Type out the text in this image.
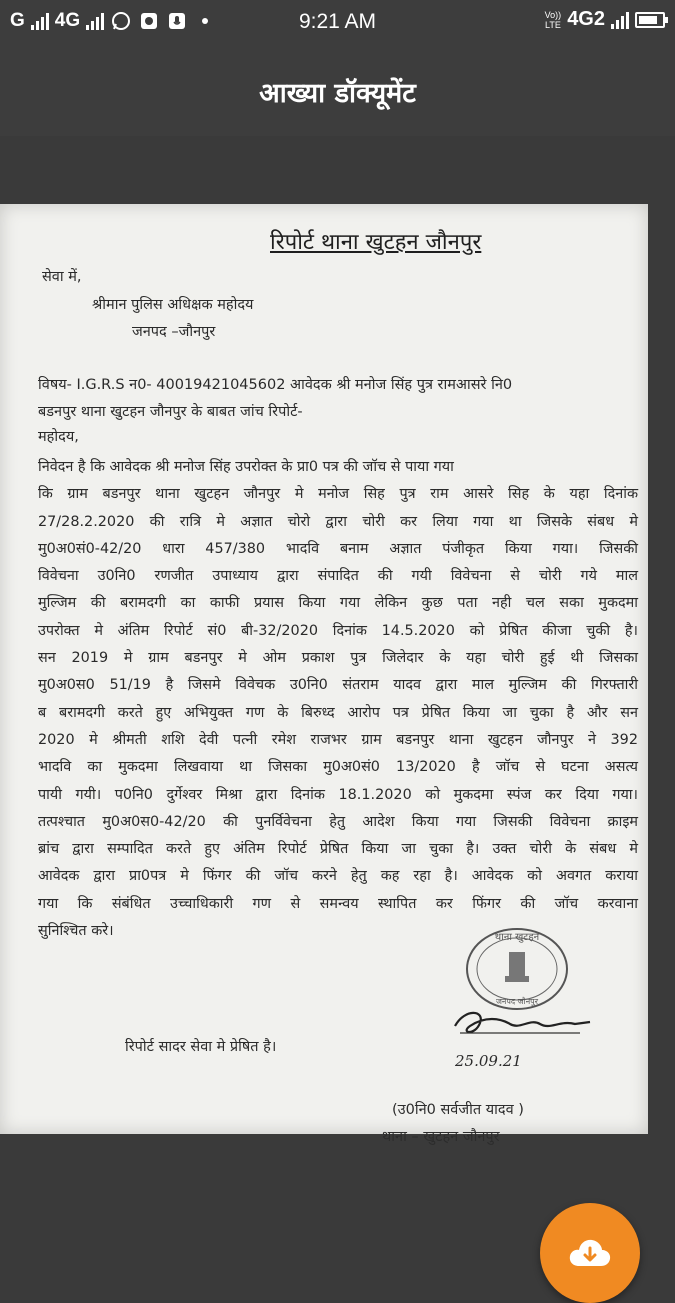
G 4G	9:21 AM	Vo))
LTE 4G2
आख्या डॉक्यूमेंट
रिपोर्ट थाना खुटहन जौनपुर
सेवा में,
श्रीमान पुलिस अधिक्षक महोदय
जनपद –जौनपुर
विषय- I.G.R.S न0- 40019421045602 आवेदक श्री मनोज सिंह पुत्र रामआसरे नि0
बडनपुर थाना खुटहन जौनपुर के बाबत जांच रिपोर्ट-
महोदय,
निवेदन है कि आवेदक श्री मनोज सिंह उपरोक्त के प्रा0 पत्र की जॉच से पाया गया
कि ग्राम बडनपुर थाना खुटहन जौनपुर मे मनोज सिह पुत्र राम आसरे सिह के यहा दिनांक
27/28.2.2020 की रात्रि मे अज्ञात चोरो द्वारा चोरी कर लिया गया था जिसके संबध मे
मु0अ0सं0-42/20 धारा 457/380 भादवि बनाम अज्ञात पंजीकृत किया गया। जिसकी
विवेचना उ0नि0 रणजीत उपाध्याय द्वारा संपादित की गयी विवेचना से चोरी गये माल
मुल्जिम की बरामदगी का काफी प्रयास किया गया लेकिन कुछ पता नही चल सका मुकदमा
उपरोक्त मे अंतिम रिपोर्ट सं0 बी-32/2020 दिनांक 14.5.2020 को प्रेषित कीजा चुकी है।
सन 2019 मे ग्राम बडनपुर मे ओम प्रकाश पुत्र जिलेदार के यहा चोरी हुई थी जिसका
मु0अ0स0 51/19 है जिसमे विवेचक उ0नि0 संतराम यादव द्वारा माल मुल्जिम की गिरफ्तारी
ब बरामदगी करते हुए अभियुक्त गण के बिरुध्द आरोप पत्र प्रेषित किया जा चुका है और सन
2020 मे श्रीमती शशि देवी पत्नी रमेश राजभर ग्राम बडनपुर थाना खुटहन जौनपुर ने 392
भादवि का मुकदमा लिखवाया था जिसका मु0अ0सं0 13/2020 है जॉच से घटना असत्य
पायी गयी। प0नि0 दुर्गेश्वर मिश्रा द्वारा दिनांक 18.1.2020 को मुकदमा स्पंज कर दिया गया।
तत्पश्चात मु0अ0स0-42/20 की पुनर्विवेचना हेतु आदेश किया गया जिसकी विवेचना क्राइम
ब्रांच द्वारा सम्पादित करते हुए अंतिम रिपोर्ट प्रेषित किया जा चुका है। उक्त चोरी के संबध मे
आवेदक द्वारा प्रा0पत्र मे फिंगर की जॉच करने हेतु कह रहा है। आवेदक को अवगत कराया
गया कि संबंधित उच्चाधिकारी गण से समन्वय स्थापित कर फिंगर की जॉच करवाना
सुनिश्चित करे।	थाना खुटहन
जनपद जौनपुर
रिपोर्ट सादर सेवा मे प्रेषित है।
25.09.21
(उ0नि0 सर्वजीत यादव )
थाना – खुटहन जौनपुर
